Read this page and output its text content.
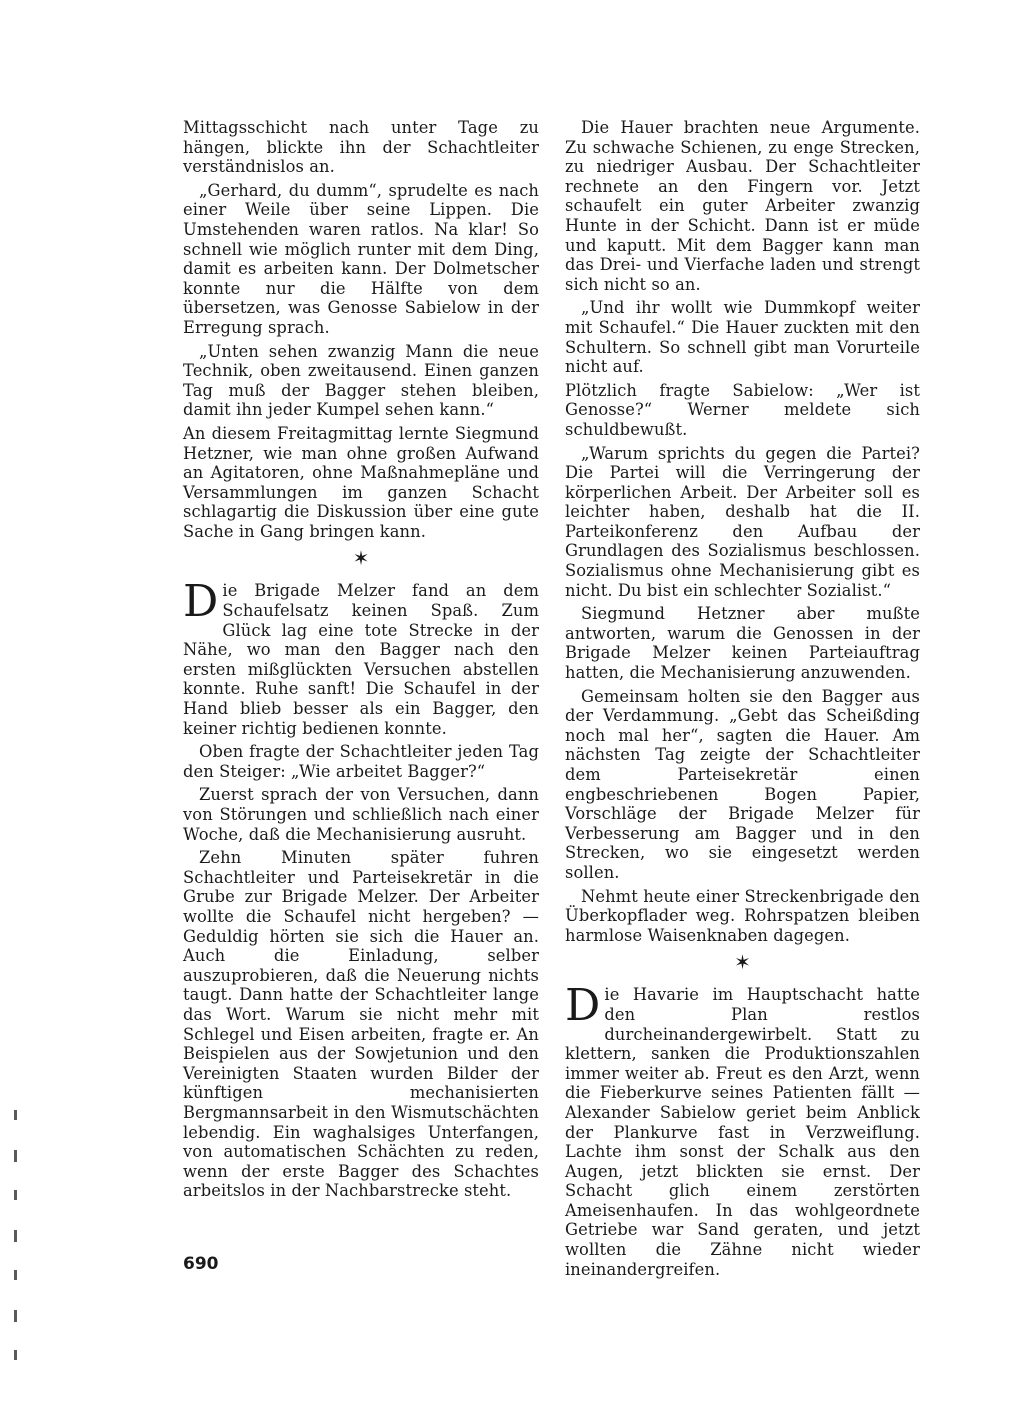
Mittagsschicht nach unter Tage zu hängen, blickte ihn der Schachtleiter verständnislos an.

„Gerhard, du dumm“, sprudelte es nach einer Weile über seine Lippen. Die Umstehenden waren ratlos. Na klar! So schnell wie möglich runter mit dem Ding, damit es arbeiten kann. Der Dolmetscher konnte nur die Hälfte von dem übersetzen, was Genosse Sabielow in der Erregung sprach.

„Unten sehen zwanzig Mann die neue Technik, oben zweitausend. Einen ganzen Tag muß der Bagger stehen bleiben, damit ihn jeder Kumpel sehen kann.“

An diesem Freitagmittag lernte Siegmund Hetzner, wie man ohne großen Aufwand an Agitatoren, ohne Maßnahmepläne und Versammlungen im ganzen Schacht schlagartig die Diskussion über eine gute Sache in Gang bringen kann.

✶

Die Brigade Melzer fand an dem Schaufelsatz keinen Spaß. Zum Glück lag eine tote Strecke in der Nähe, wo man den Bagger nach den ersten mißglückten Versuchen abstellen konnte. Ruhe sanft! Die Schaufel in der Hand blieb besser als ein Bagger, den keiner richtig bedienen konnte.

Oben fragte der Schachtleiter jeden Tag den Steiger: „Wie arbeitet Bagger?“

Zuerst sprach der von Versuchen, dann von Störungen und schließlich nach einer Woche, daß die Mechanisierung ausruht.

Zehn Minuten später fuhren Schachtleiter und Parteisekretär in die Grube zur Brigade Melzer. Der Arbeiter wollte die Schaufel nicht hergeben? — Geduldig hörten sie sich die Hauer an. Auch die Einladung, selber auszuprobieren, daß die Neuerung nichts taugt. Dann hatte der Schachtleiter lange das Wort. Warum sie nicht mehr mit Schlegel und Eisen arbeiten, fragte er. An Beispielen aus der Sowjetunion und den Vereinigten Staaten wurden Bilder der künftigen mechanisierten Bergmannsarbeit in den Wismutschächten lebendig. Ein waghalsiges Unterfangen, von automatischen Schächten zu reden, wenn der erste Bagger des Schachtes arbeitslos in der Nachbarstrecke steht.

Die Hauer brachten neue Argumente. Zu schwache Schienen, zu enge Strecken, zu niedriger Ausbau. Der Schachtleiter rechnete an den Fingern vor. Jetzt schaufelt ein guter Arbeiter zwanzig Hunte in der Schicht. Dann ist er müde und kaputt. Mit dem Bagger kann man das Drei- und Vierfache laden und strengt sich nicht so an.

„Und ihr wollt wie Dummkopf weiter mit Schaufel.“ Die Hauer zuckten mit den Schultern. So schnell gibt man Vorurteile nicht auf.

Plötzlich fragte Sabielow: „Wer ist Genosse?“ Werner meldete sich schuldbewußt.

„Warum sprichts du gegen die Partei? Die Partei will die Verringerung der körperlichen Arbeit. Der Arbeiter soll es leichter haben, deshalb hat die II. Parteikonferenz den Aufbau der Grundlagen des Sozialismus beschlossen. Sozialismus ohne Mechanisierung gibt es nicht. Du bist ein schlechter Sozialist.“

Siegmund Hetzner aber mußte antworten, warum die Genossen in der Brigade Melzer keinen Parteiauftrag hatten, die Mechanisierung anzuwenden.

Gemeinsam holten sie den Bagger aus der Verdammung. „Gebt das Scheißding noch mal her“, sagten die Hauer. Am nächsten Tag zeigte der Schachtleiter dem Parteisekretär einen engbeschriebenen Bogen Papier, Vorschläge der Brigade Melzer für Verbesserung am Bagger und in den Strecken, wo sie eingesetzt werden sollen.

Nehmt heute einer Streckenbrigade den Überkopflader weg. Rohrspatzen bleiben harmlose Waisenknaben dagegen.

✶

Die Havarie im Hauptschacht hatte den Plan restlos durcheinandergewirbelt. Statt zu klettern, sanken die Produktionszahlen immer weiter ab. Freut es den Arzt, wenn die Fieberkurve seines Patienten fällt — Alexander Sabielow geriet beim Anblick der Plankurve fast in Verzweiflung. Lachte ihm sonst der Schalk aus den Augen, jetzt blickten sie ernst. Der Schacht glich einem zerstörten Ameisenhaufen. In das wohlgeordnete Getriebe war Sand geraten, und jetzt wollten die Zähne nicht wieder ineinandergreifen.

690
